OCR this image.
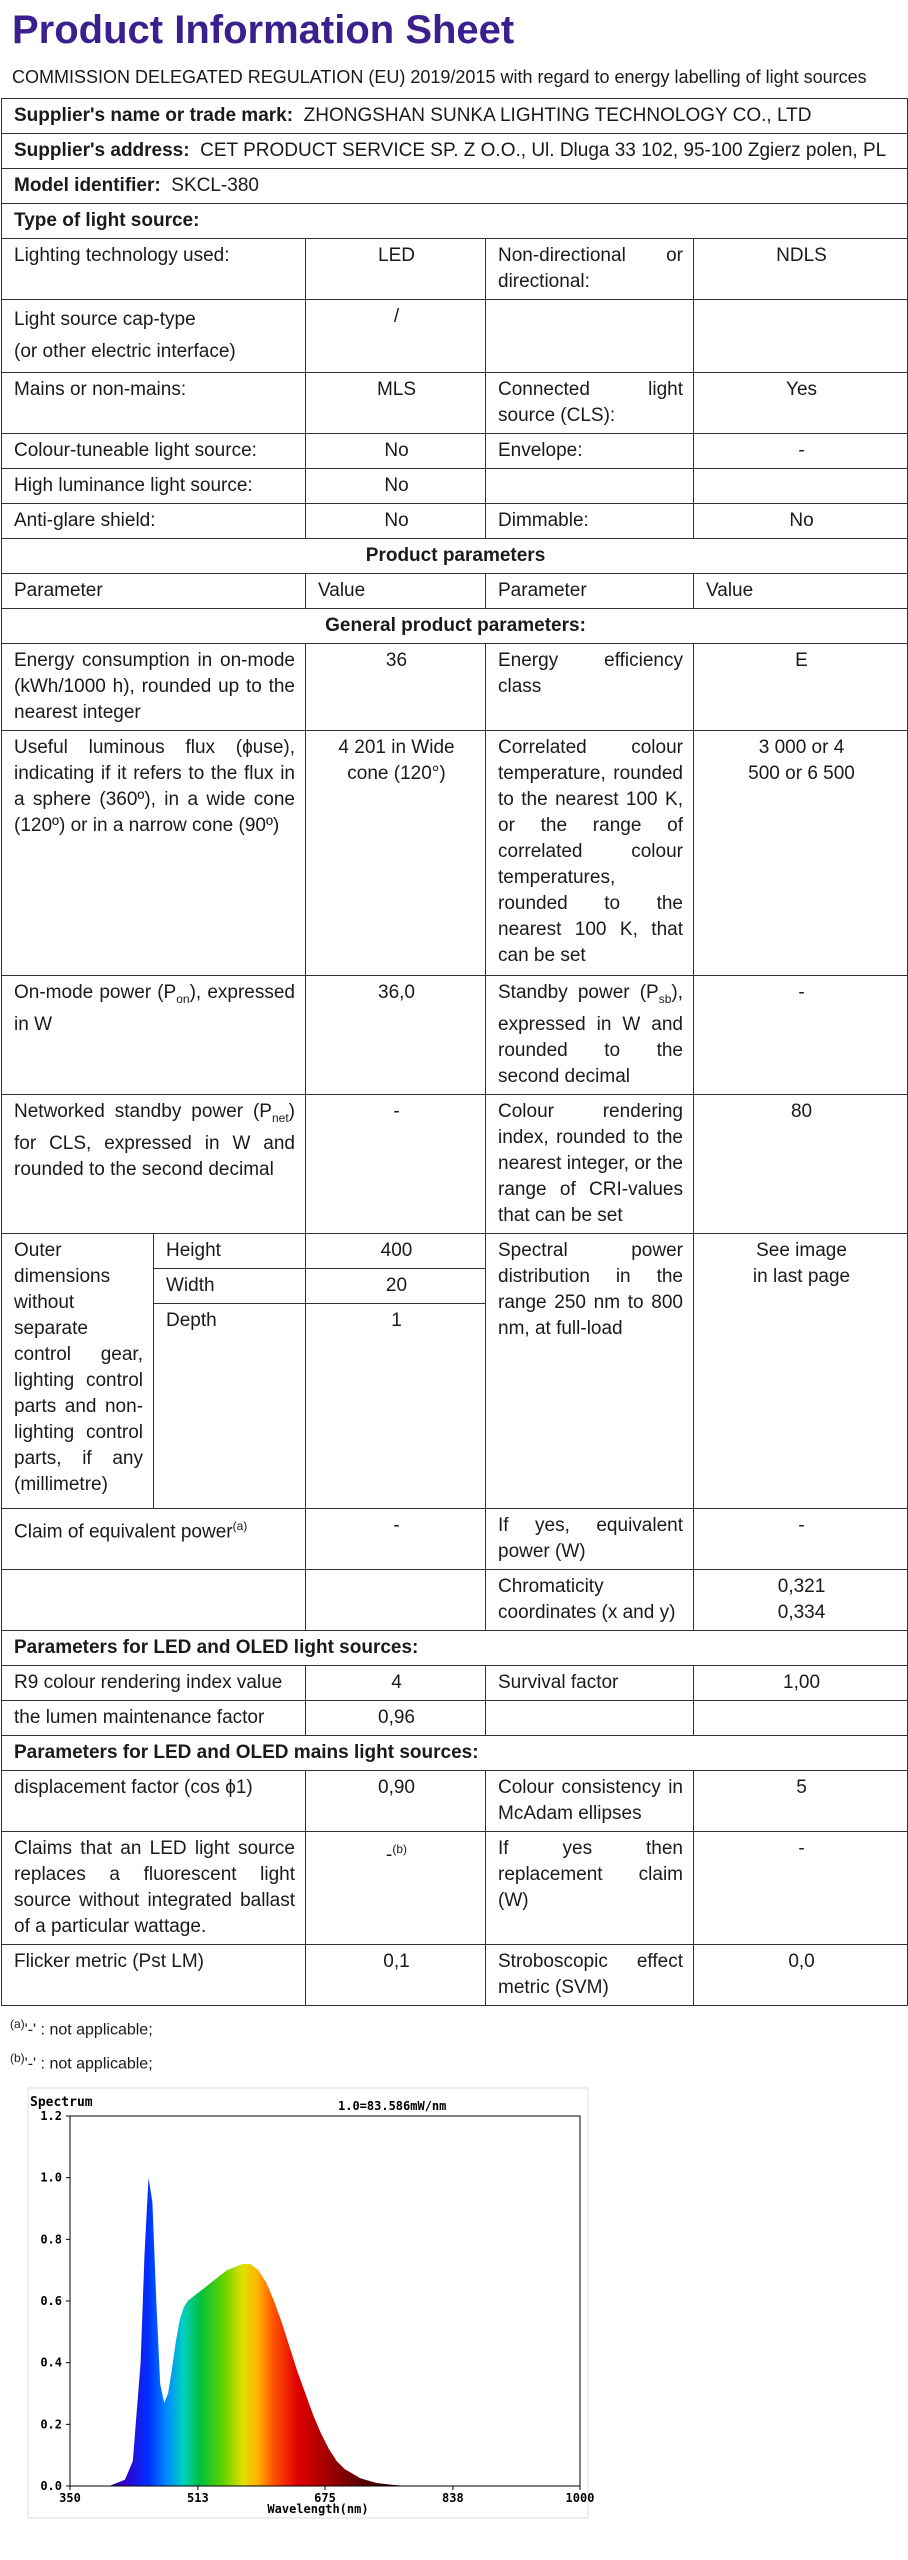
Product Information Sheet
COMMISSION DELEGATED REGULATION (EU) 2019/2015 with regard to energy labelling of light sources
Supplier's name or trade mark: ZHONGSHAN SUNKA LIGHTING TECHNOLOGY CO., LTD				
Supplier's address: CET PRODUCT SERVICE SP. Z O.O., Ul. Dluga 33 102, 95-100 Zgierz polen, PL				
Model identifier: SKCL-380				
Type of light source:				
Lighting technology used:		LED	Non-directional or directional:	NDLS

Light source cap-type
(or other electric interface)		/		
Mains or non-mains:		MLS	Connected light source (CLS):	Yes
Colour-tuneable light source:		No	Envelope:	-
High luminance light source:		No		
Anti-glare shield:		No	Dimmable:	No
Product parameters				
Parameter		Value	Parameter	Value
General product parameters:				
Energy consumption in on-mode (kWh/1000 h), rounded up to the nearest integer		36	Energy efficiency class	E
Useful luminous flux (ϕuse), indicating if it refers to the flux in a sphere (360º), in a wide cone (120º) or in a narrow cone (90º)		4 201 in Wide cone (120°)	Correlated colour temperature, rounded to the nearest 100 K, or the range of correlated colour temperatures, rounded to the nearest 100 K, that can be set	3 000 or 4
500 or 6 500

On-mode power $(P_{on})$, expressed in W		36,0	Standby power $(P_{sb})$, expressed in W and rounded to the second decimal	-
Networked standby power $(P_{net})$ for CLS, expressed in W and rounded to the second decimal		-	Colour rendering index, rounded to the nearest integer, or the range of CRI-values that can be set	80
Outer dimensions without separate control gear, lighting control parts and non-lighting control parts, if any (millimetre)	Height	400	Spectral power distribution in the range 250 nm to 800 nm, at full-load	See image
in last page

	Width	20		
	Depth	1		
Claim of equivalent power$^{(a)}$		-	If yes, equivalent power (W)	-
			Chromaticity coordinates (x and y)	0,321
0,334

Parameters for LED and OLED light sources:				
R9 colour rendering index value		4	Survival factor	1,00
the lumen maintenance factor		0,96		
Parameters for LED and OLED mains light sources:				
displacement factor (cos ϕ1)		0,90	Colour consistency in McAdam ellipses	5
Claims that an LED light source replaces a fluorescent light source without integrated ballast of a particular wattage.		-$^{(b)}$	If yes then replacement claim (W)	-
Flicker metric (Pst LM)		0,1	Stroboscopic effect metric (SVM)	0,0
$^{(a)}$'-' : not applicable;
$^{(b)}$'-' : not applicable;
Spectrum	1.0=83.586mW/nm
0.0
0.2
0.4
0.6
0.8
1.0
1.2
350	513	675	838	1000
Wavelength(nm)
